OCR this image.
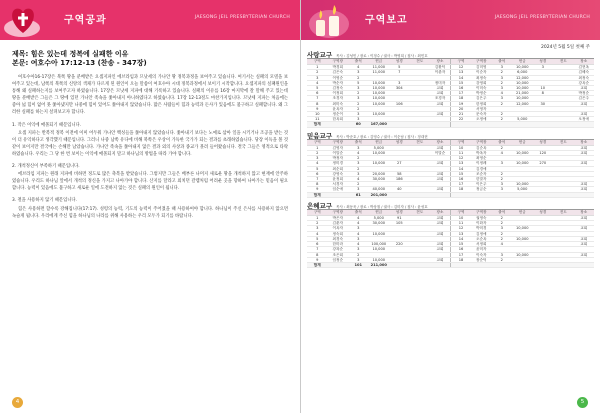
구역공과	JAESONG JEIL PRESBYTERIAN CHURCH
제목: 힘은 있는데 정복에 실패한 이유
본문: 여호수아 17:12-13 (찬송 - 347장)

여호수아16-17장은 북쪽 땅을 분배받은 요셉지파인 에브라임과 므낫세의 가나안 땅 정복과정을 보여주고 있습니다. 여기서는 실패의 모델을 보여주고 있는데, 남쪽의 북쪽의 신앙의 색채가 다르게 된 원인이 오늘 말씀이 여호수아 시대 정복과정에서 보이기 시작합니다. 요셉지파의 실패원인을 통해 왜 실패하는지를 보여주고자 하였습니다. 17장은 므낫세 지파에 대해 기록하고 있습니다. 실패의 이유를 16장 마지막에 잘 말해 주고 있는데 땅을 분배받은 그들은 그 땅에 있던 가나안 족속을 쫓아내지 아니하였다고 하였습니다. 17장 12-13절도 마찬가지입니다. 므낫세 지파는 처음에는 좋아 넓 힘이 없어 못 쫓아냈지만 나중에 힘이 있어도 쫓아내지 않았습니다. 많은 사람들이 힘과 능력과 돈사가 있음에도 불구하고 실패합니다. 왜 그러한 실패를 하는지 살펴보고자 합니다.

1. 작은 이익에 매몰되기 때문입니다.

요셉 지파는 반복적 정복 이전에 이미 어두워 가나안 백성들을 쫓아내지 않았습니다. 쫓아내기 보다는 노예로 삼아 일을 시키거나 조공을 받는 것이 더 유익하다고 생각했기 때문입니다. 그러니 나중 남쪽 유다에 비해 북쪽은 우상이 가득한 국가가 되는 결과를 초래하였습니다. 당장 이득을 볼 것 같이 보이지만 결국에는 손해만 남았습니다. 가나안 족속을 쫓아내지 않은 결과 외의 사상과 종교가 몰려 들어왔습니다. 결국 그들은 영적으로 타락하였습니다. 우리는 그 당 한 번 보이는 이익에 매몰되지 말고 하나님의 방법을 따라 가야 합니다.

2. 개척정신이 부족하기 때문입니다.

에브라임 지파는 원래 지파에 비하면 정도로 많은 축복을 받았습니다. 그렇지만 그들은 배부른 나머지 새로운 땅을 개척하지 않고 현재에 안주하였습니다. 우리도 하나님 앞에서 개척의 정신을 가지고 나아가야 합니다. 산지를 달라고 외치던 갈렙처럼 어려운 곳을 향하여 나아가는 믿음이 필요합니다. 능력이 있음에도 불구하고 새로운 일에 도전하지 않는 것은 실패의 원인이 됩니다.

3. 철을 사용하지 않기 때문입니다.

힘은 사용하면 할수록 강해집니다(17:17). 성령의 능력, 기도의 능력이 주어졌을 때 사용하여야 합니다. 하나님이 주신 은사를 사용하지 않으면 녹슬게 됩니다. 우리에게 주신 힘을 하나님의 나라를 위해 사용하는 우리 모두가 되기를 바랍니다.

4
구역보고	JAESONG JEIL PRESBYTERIAN CHURCH
2024년 5월 5일 첫째 주
사랑교구 목사 : 김성민 / 장로 : 이정수 / 권사 : 박영희 / 집사 : 최민호
구역	구역장	출석	헌금	성경	전도	장소	구역	구역장	출석	헌금	성경	전도	장소
1	박경희	4	11,000	5		김환덕	12	김미영	3	10,000	3		김현옥
2	김은숙	3	11,000	7		이춘자	13	이순자	2	6,000			김혜숙
3	이영순	2					14	최정숙	3	12,000			최정숙
4	박순자	5	10,000	3		정미자	15	강영희	2	10,000			강옥순
5	김정숙	3	10,000	304		교회	16	이미숙	3	10,000	10		교회
6	이정희	2	10,000			교회	17	박정순	4	21,000	8		박정순
7	조경자	3	10,000			조경자	18	김은주	3	10,000			김은주
8	최미숙	2	10,000	106		교회	19	한정희	2	12,000	30		교회
9	윤옥자	2					20	서영자					
10	정순이	3	10,000			교회	21	문숙자	2				교회
11	한옥희	3					22	오정애	2	5,000			오정애
합계		60	167,000										
믿음교구 목사 : 박준호 / 장로 : 김영수 / 권사 : 이순남 / 집사 : 정대현
구역	구역장	출석	헌금	성경	전도	장소	구역	구역장	출석	헌금	성경	전도	장소
1	김영자	3	5,000			교회	10	김순옥	2				교회
2	이말순	4	10,000			이말순	11	박옥자	4	10,000	120		교회
3	박정자	2					12	최영순					
4	정미경	3	10,000	27		교회	13	이정례	3	10,000	270		교회
5	최순희	2					14	김경애					
6	강영숙	3	20,000	58		교회	15	조순자	2				
7	윤정희	4	30,000	186		교회	16	한말자	2				
8	서경자	2					17	이은주	3	10,000			교회
9	임순애	3	40,000	40		교회	18	정금순	3	5,000			교회
합계		61	201,000										
은혜교구 목사 : 최동욱 / 장로 : 박상철 / 권사 : 김미자 / 집사 : 윤성호
구역	구역장	출석	헌금	성경	전도	장소	구역	구역장	출석	헌금	성경	전도	장소
1	박은자	4	5,000	91		교회	10	권영숙	2				교회
2	김춘자	4	30,000	105		교회	11	이화자	2				
3	이옥자	3					12	박미경	3	10,000			교회
4	정숙희	4	10,000			교회	13	김정애	2				
5	최경숙	3					14	오순옥	2	10,000			교회
6	한미라	4	100,000	220		교회	15	서정희	4				교회
7	강복순	3	10,000			교회	16	윤미자					
8	조은희	2					17	이숙자	3	10,000			교회
9	임정순	3	10,000			교회	18	장순덕	2				
합계		101	211,000										
5
